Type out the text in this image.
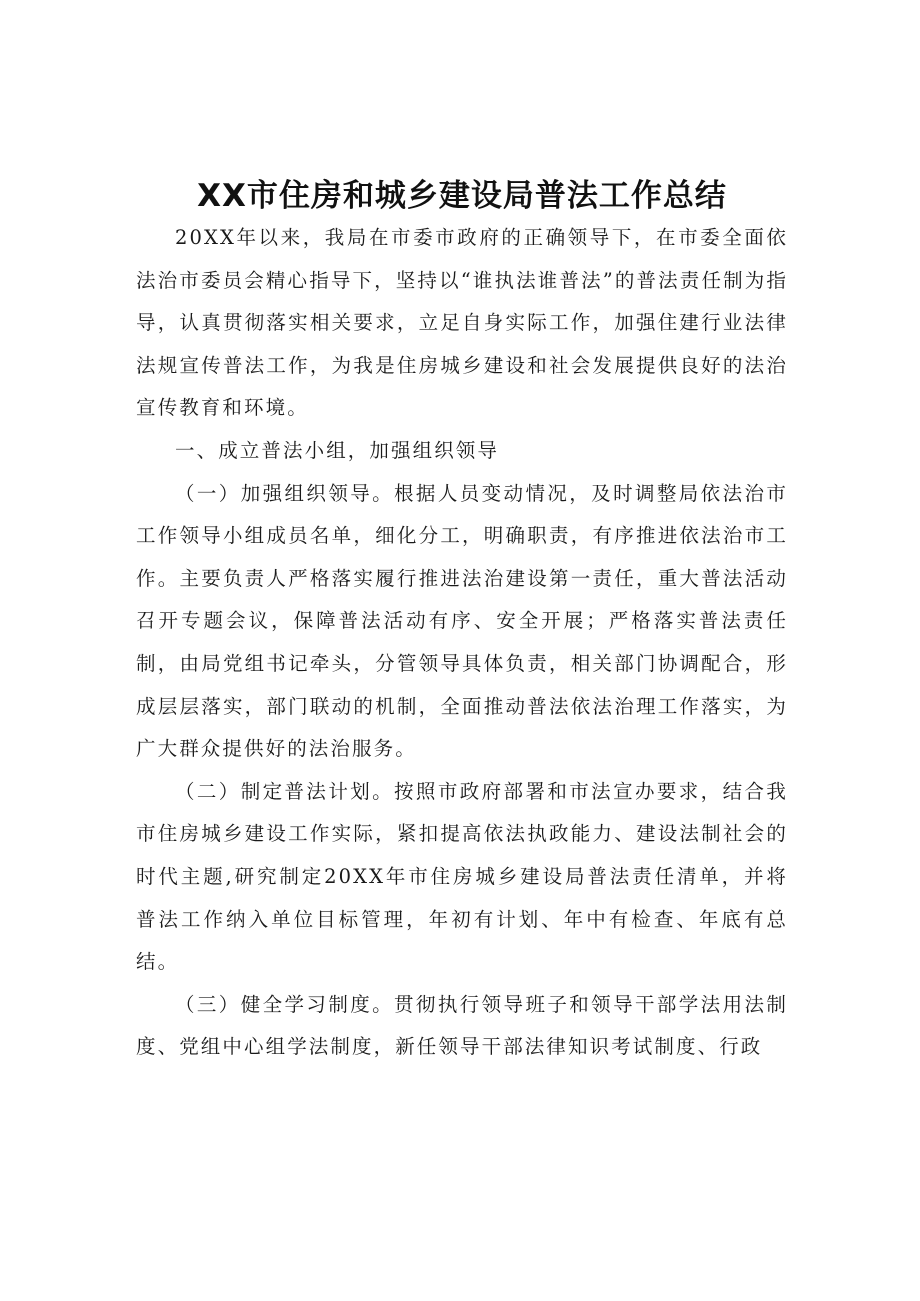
XX市住房和城乡建设局普法工作总结

20XX年以来，我局在市委市政府的正确领导下，在市委全面依法治市委员会精心指导下，坚持以“谁执法谁普法”的普法责任制为指导，认真贯彻落实相关要求，立足自身实际工作，加强住建行业法律法规宣传普法工作，为我是住房城乡建设和社会发展提供良好的法治宣传教育和环境。

一、成立普法小组，加强组织领导

（一）加强组织领导。根据人员变动情况，及时调整局依法治市工作领导小组成员名单，细化分工，明确职责，有序推进依法治市工作。主要负责人严格落实履行推进法治建设第一责任，重大普法活动召开专题会议，保障普法活动有序、安全开展；严格落实普法责任制，由局党组书记牵头，分管领导具体负责，相关部门协调配合，形成层层落实，部门联动的机制，全面推动普法依法治理工作落实，为广大群众提供好的法治服务。

（二）制定普法计划。按照市政府部署和市法宣办要求，结合我市住房城乡建设工作实际，紧扣提高依法执政能力、建设法制社会的时代主题,研究制定20XX年市住房城乡建设局普法责任清单，并将普法工作纳入单位目标管理，年初有计划、年中有检查、年底有总结。

（三）健全学习制度。贯彻执行领导班子和领导干部学法用法制度、党组中心组学法制度，新任领导干部法律知识考试制度、行政
